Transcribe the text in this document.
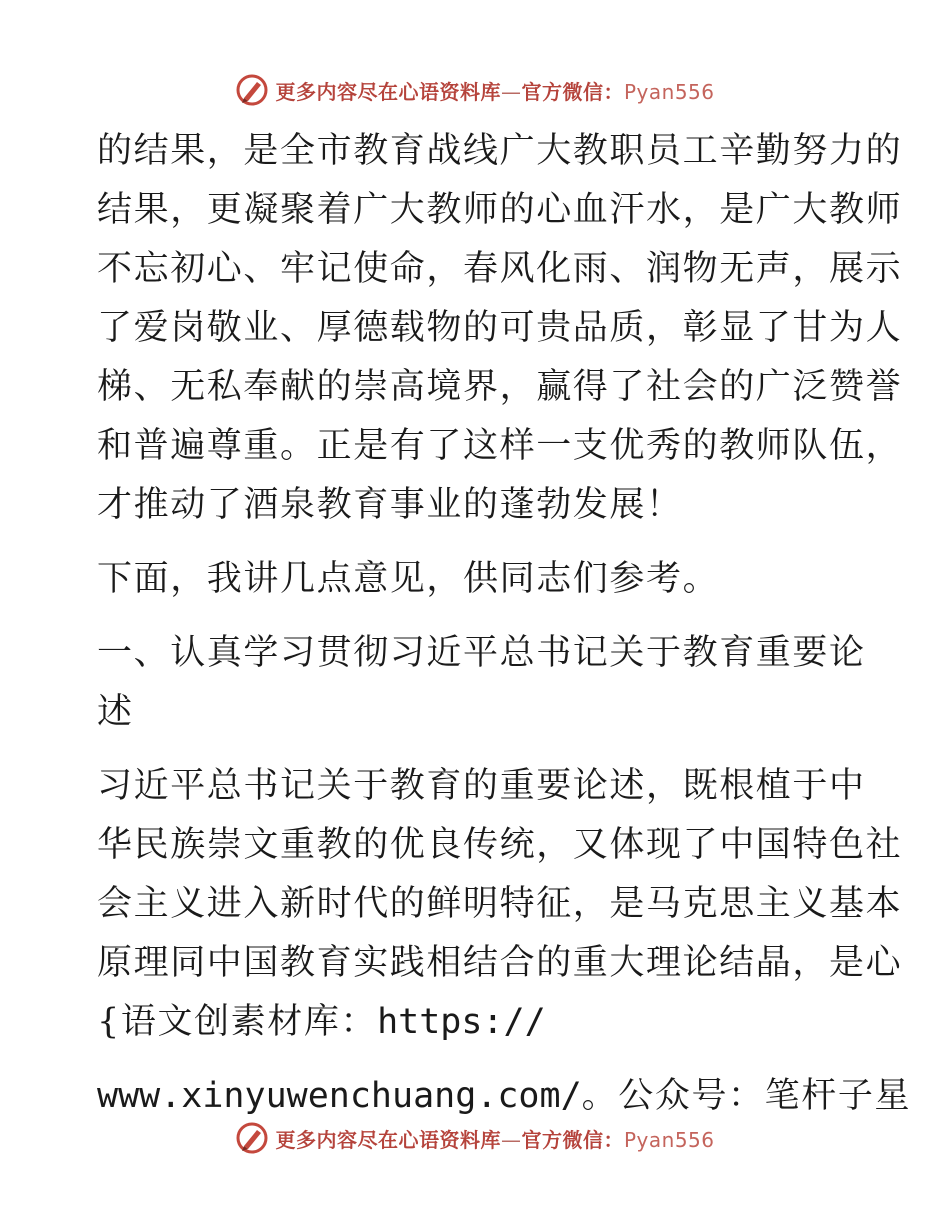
更多内容尽在心语资料库—官方微信：Pyan556
的结果，是全市教育战线广大教职员工辛勤努力的
结果，更凝聚着广大教师的心血汗水，是广大教师
不忘初心、牢记使命，春风化雨、润物无声，展示
了爱岗敬业、厚德载物的可贵品质，彰显了甘为人
梯、无私奉献的崇高境界，赢得了社会的广泛赞誉
和普遍尊重。正是有了这样一支优秀的教师队伍，
才推动了酒泉教育事业的蓬勃发展！
下面，我讲几点意见，供同志们参考。
一、认真学习贯彻习近平总书记关于教育重要论
述
习近平总书记关于教育的重要论述，既根植于中
华民族崇文重教的优良传统，又体现了中国特色社
会主义进入新时代的鲜明特征，是马克思主义基本
原理同中国教育实践相结合的重大理论结晶，是心
{语文创素材库：https://
www.xinyuwenchuang.com/。公众号：笔杆子星
更多内容尽在心语资料库—官方微信：Pyan556
